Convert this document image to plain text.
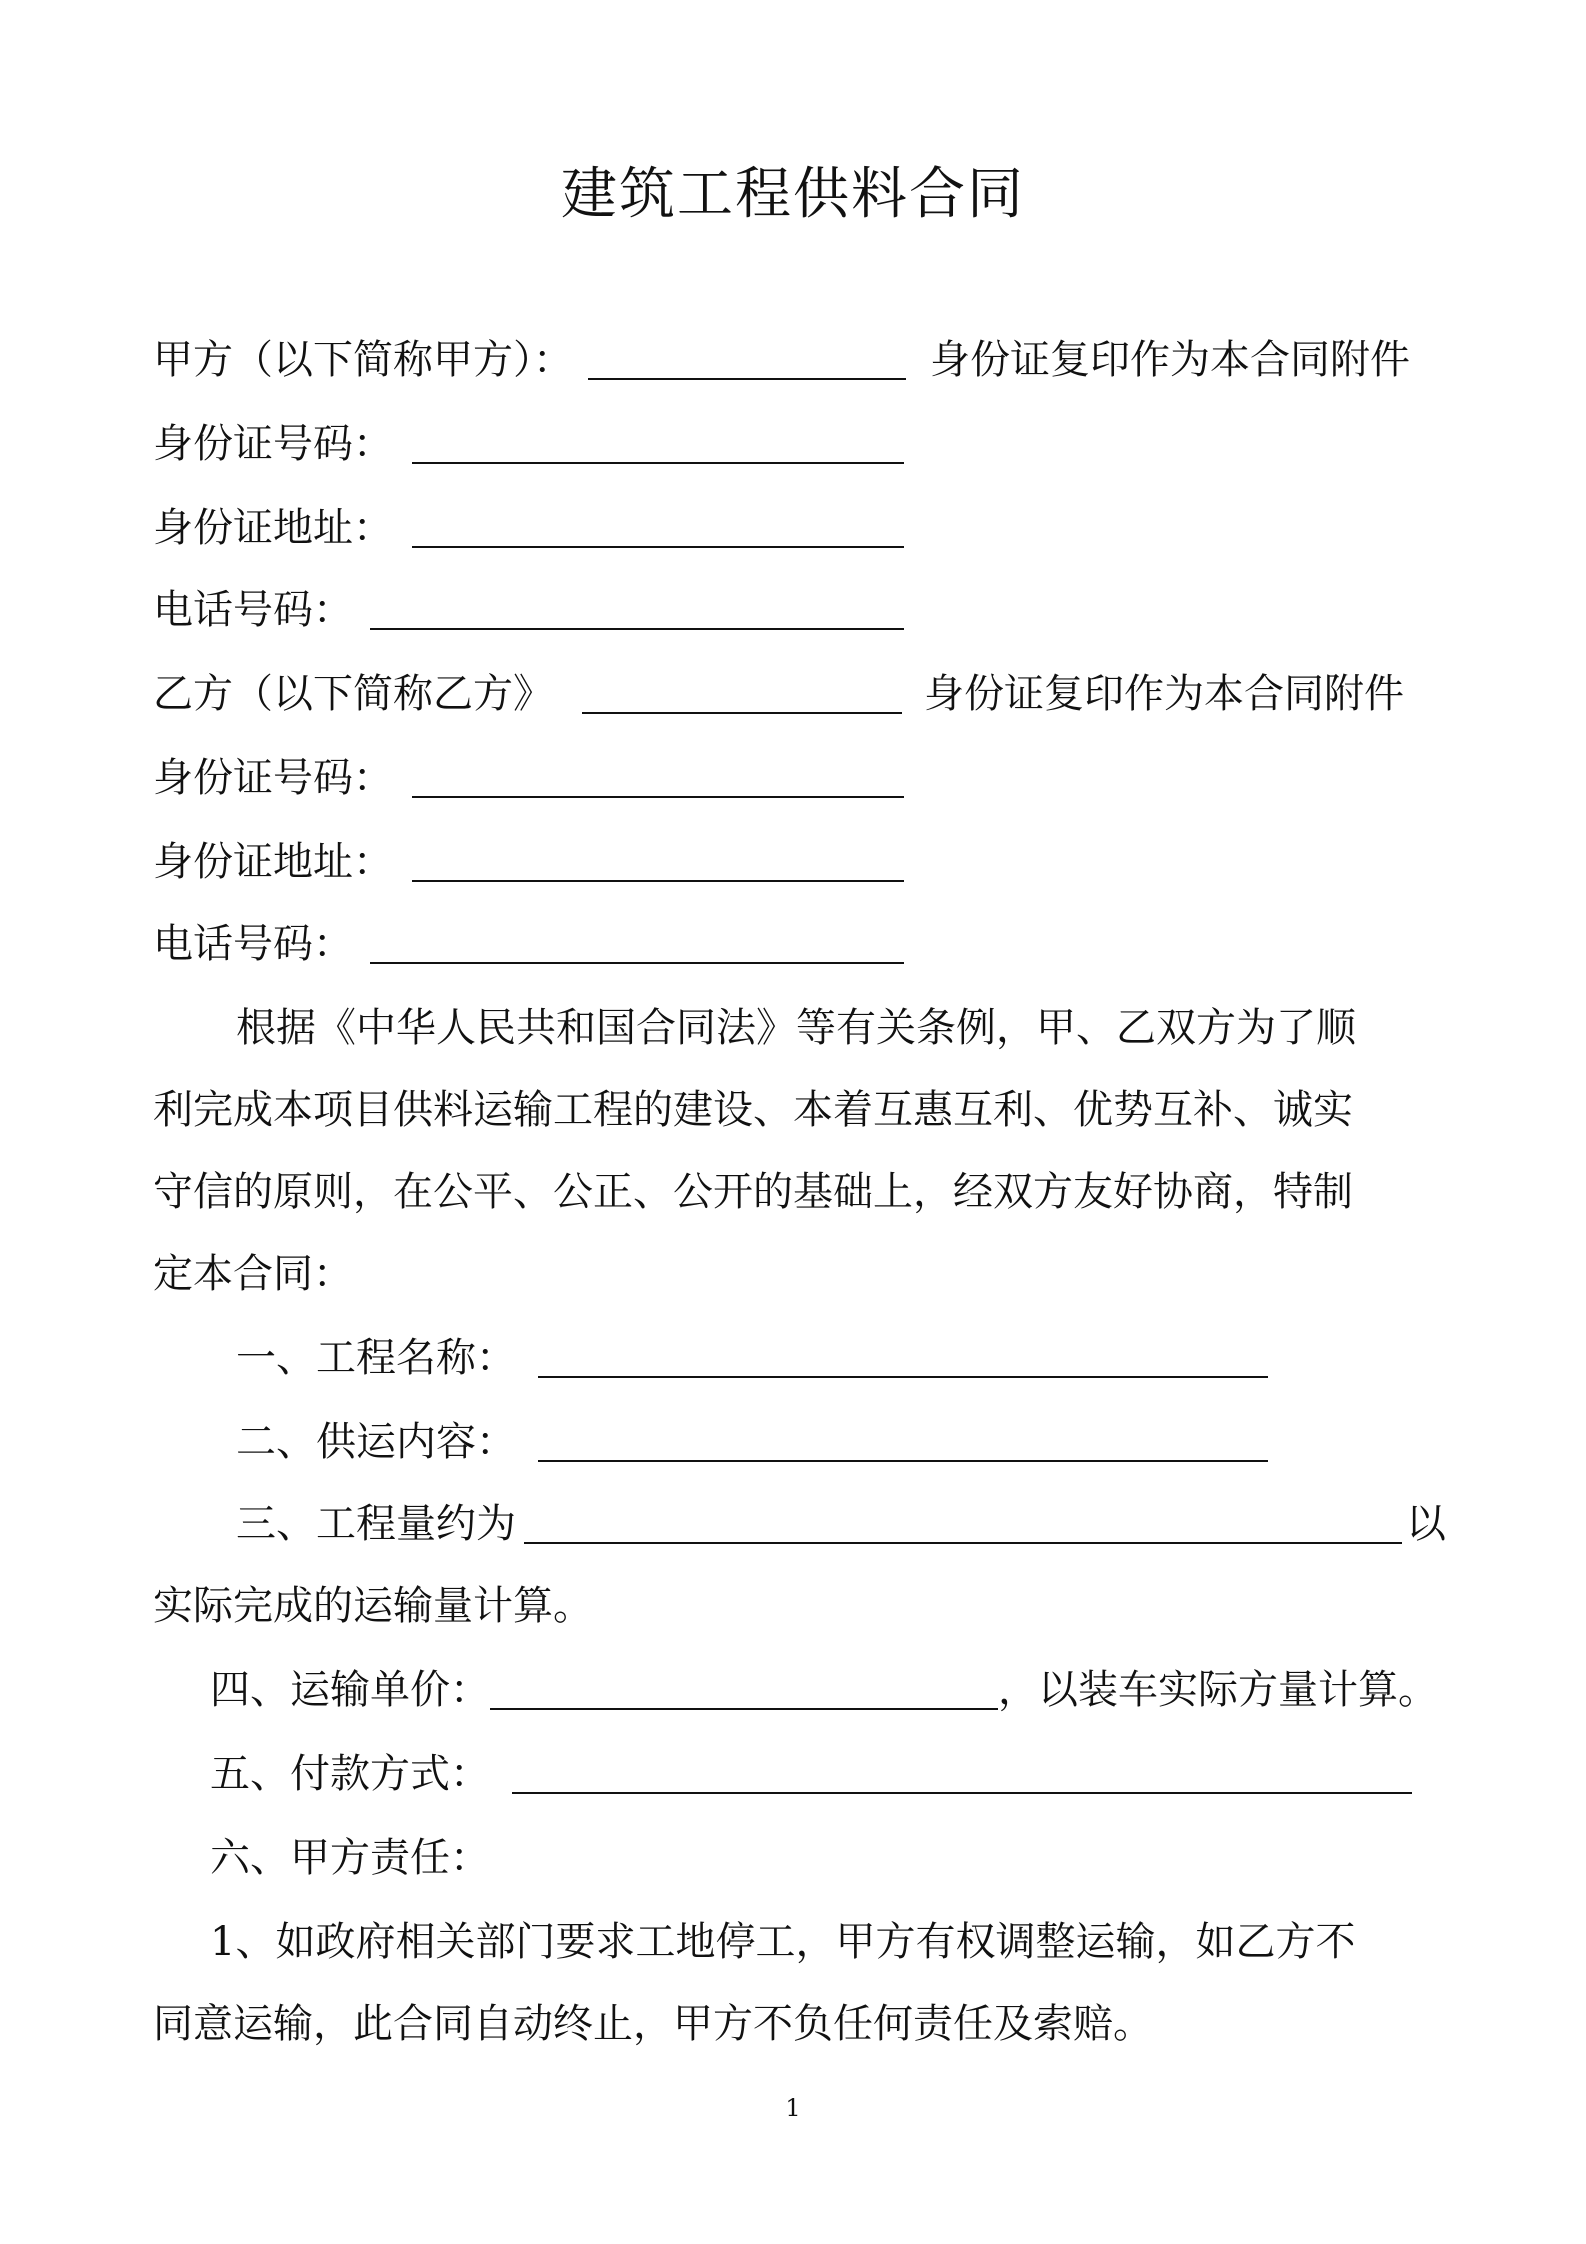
建筑工程供料合同
甲方（以下简称甲方）：	身份证复印作为本合同附件
身份证号码：
身份证地址：
电话号码：
乙方（以下简称乙方》	身份证复印作为本合同附件
身份证号码：
身份证地址：
电话号码：
根据《中华人民共和国合同法》等有关条例，甲、乙双方为了顺
利完成本项目供料运输工程的建设、本着互惠互利、优势互补、诚实
守信的原则，在公平、公正、公开的基础上，经双方友好协商，特制
定本合同：
一、工程名称：
二、供运内容：
三、工程量约为	以
实际完成的运输量计算。
四、运输单价：	，以装车实际方量计算。
五、付款方式：
六、甲方责任：
1、如政府相关部门要求工地停工，甲方有权调整运输，如乙方不
同意运输，此合同自动终止，甲方不负任何责任及索赔。
1
